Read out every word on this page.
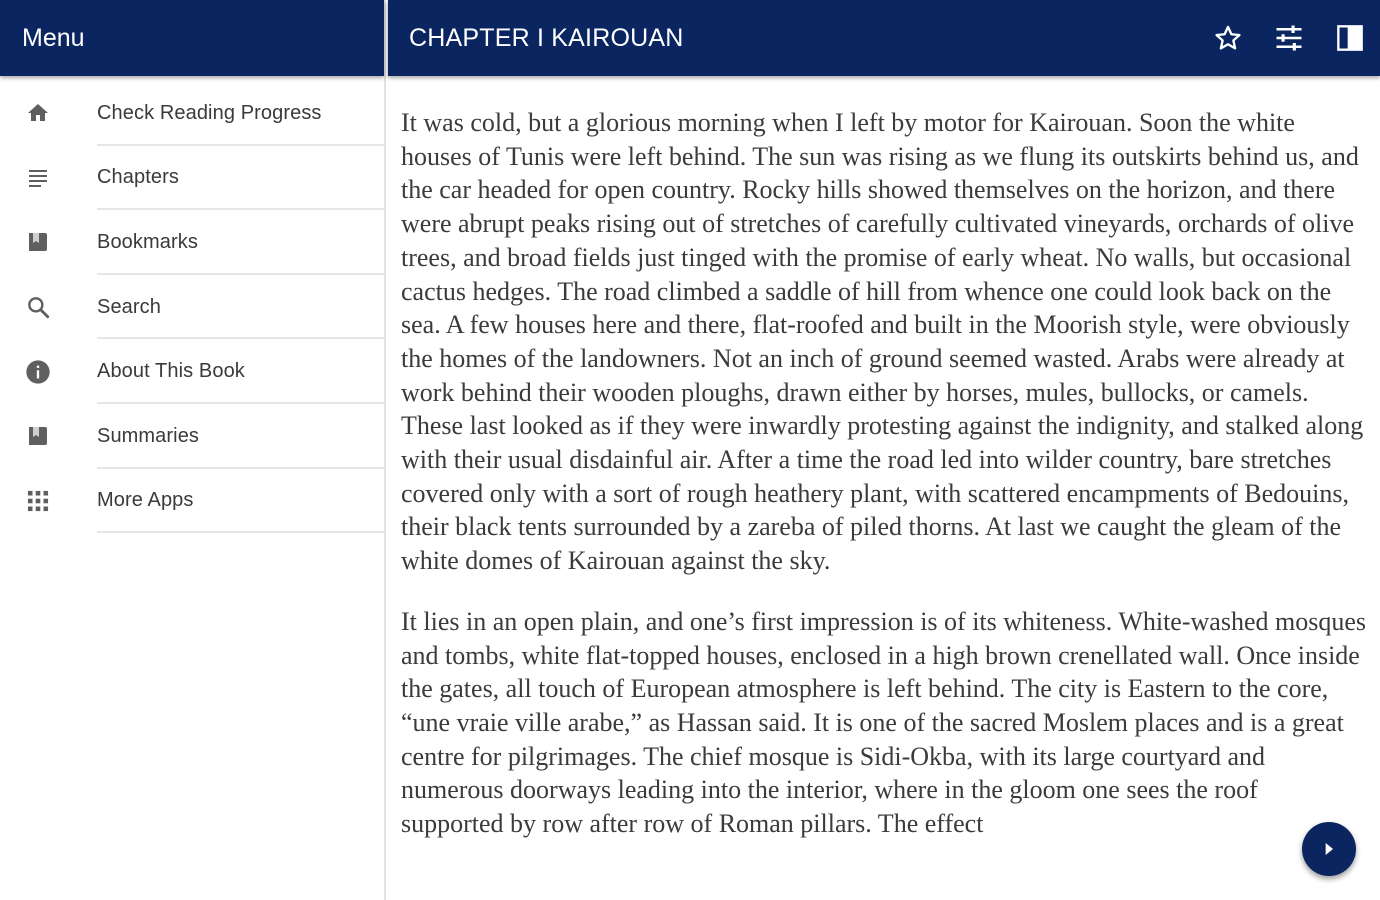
Menu
Check Reading Progress
Chapters
Bookmarks
Search
About This Book
Summaries
More Apps
CHAPTER I KAIROUAN

It was cold, but a glorious morning when I left by motor for Kairouan. Soon the white houses of Tunis were left behind. The sun was rising as we flung its outskirts behind us, and the car headed for open country. Rocky hills showed themselves on the horizon, and there were abrupt peaks rising out of stretches of carefully cultivated vineyards, orchards of olive trees, and broad fields just tinged with the promise of early wheat. No walls, but occasional cactus hedges. The road climbed a saddle of hill from whence one could look back on the sea. A few houses here and there, flat-roofed and built in the Moorish style, were obviously the homes of the landowners. Not an inch of ground seemed wasted. Arabs were already at work behind their wooden ploughs, drawn either by horses, mules, bullocks, or camels. These last looked as if they were inwardly protesting against the indignity, and stalked along with their usual disdainful air. After a time the road led into wilder country, bare stretches covered only with a sort of rough heathery plant, with scattered encampments of Bedouins, their black tents surrounded by a zareba of piled thorns. At last we caught the gleam of the white domes of Kairouan against the sky.

It lies in an open plain, and one’s first impression is of its whiteness. White-washed mosques and tombs, white flat-topped houses, enclosed in a high brown crenellated wall. Once inside the gates, all touch of European atmosphere is left behind. The city is Eastern to the core, “une vraie ville arabe,” as Hassan said. It is one of the sacred Moslem places and is a great centre for pilgrimages. The chief mosque is Sidi-Okba, with its large courtyard and numerous doorways leading into the interior, where in the gloom one sees the roof supported by row after row of Roman pillars. The effect
